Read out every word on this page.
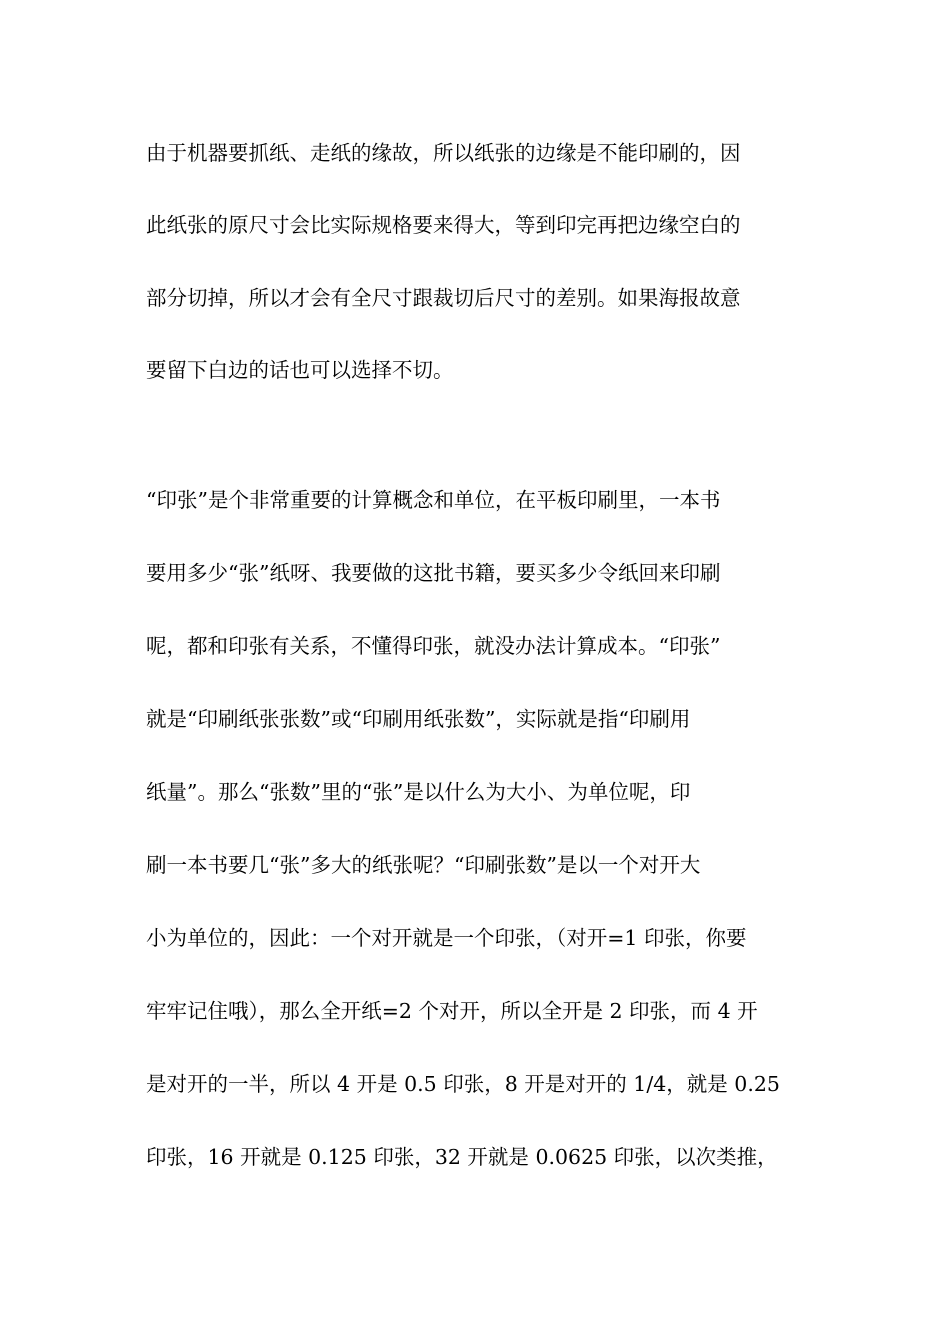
由于机器要抓纸、走纸的缘故，所以纸张的边缘是不能印刷的，因
此纸张的原尺寸会比实际规格要来得大，等到印完再把边缘空白的
部分切掉，所以才会有全尺寸跟裁切后尺寸的差别。如果海报故意
要留下白边的话也可以选择不切。
“印张”是个非常重要的计算概念和单位，在平板印刷里，一本书
要用多少“张”纸呀、我要做的这批书籍，要买多少令纸回来印刷
呢，都和印张有关系，不懂得印张，就没办法计算成本。“印张”
就是“印刷纸张张数”或“印刷用纸张数”，实际就是指“印刷用
纸量”。那么“张数”里的“张”是以什么为大小、为单位呢，印
刷一本书要几“张”多大的纸张呢？“印刷张数”是以一个对开大
小为单位的，因此：一个对开就是一个印张，（对开=1 印张，你要
牢牢记住哦），那么全开纸=2 个对开，所以全开是 2 印张，而 4 开
是对开的一半，所以 4 开是 0.5 印张，8 开是对开的 1/4，就是 0.25
印张，16 开就是 0.125 印张，32 开就是 0.0625 印张，以次类推，
